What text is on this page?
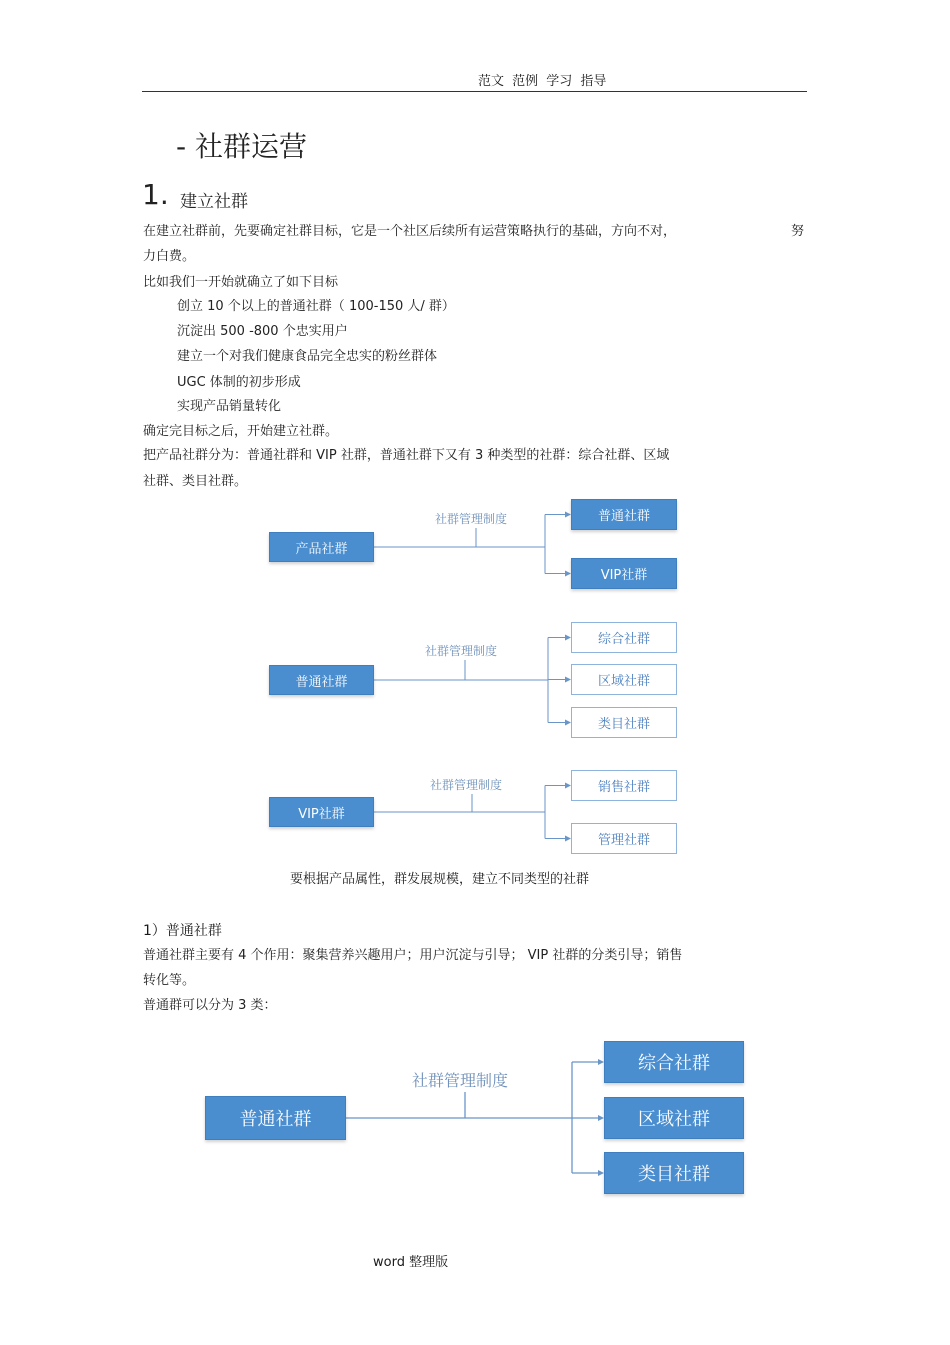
范文 范例 学习 指导
- 社群运营
1. 建立社群
在建立社群前，先要确定社群目标，它是一个社区后续所有运营策略执行的基础，方向不对，	努
力白费。
比如我们一开始就确立了如下目标
创立 10 个以上的普通社群（ 100-150 人/ 群）
沉淀出 500 -800 个忠实用户
建立一个对我们健康食品完全忠实的粉丝群体
UGC 体制的初步形成
实现产品销量转化
确定完目标之后，开始建立社群。
把产品社群分为：普通社群和 VIP 社群，普通社群下又有 3 种类型的社群：综合社群、区域
社群、类目社群。
产品社群
社群管理制度	普通社群
VIP社群
普通社群
社群管理制度
综合社群
区域社群
类目社群
VIP社群
社群管理制度	销售社群
管理社群
要根据产品属性，群发展规模，建立不同类型的社群
1）普通社群
普通社群主要有 4 个作用：聚集营养兴趣用户；用户沉淀与引导； VIP 社群的分类引导；销售
转化等。
普通群可以分为 3 类：
普通社群
社群管理制度
综合社群
区域社群
类目社群
word 整理版
